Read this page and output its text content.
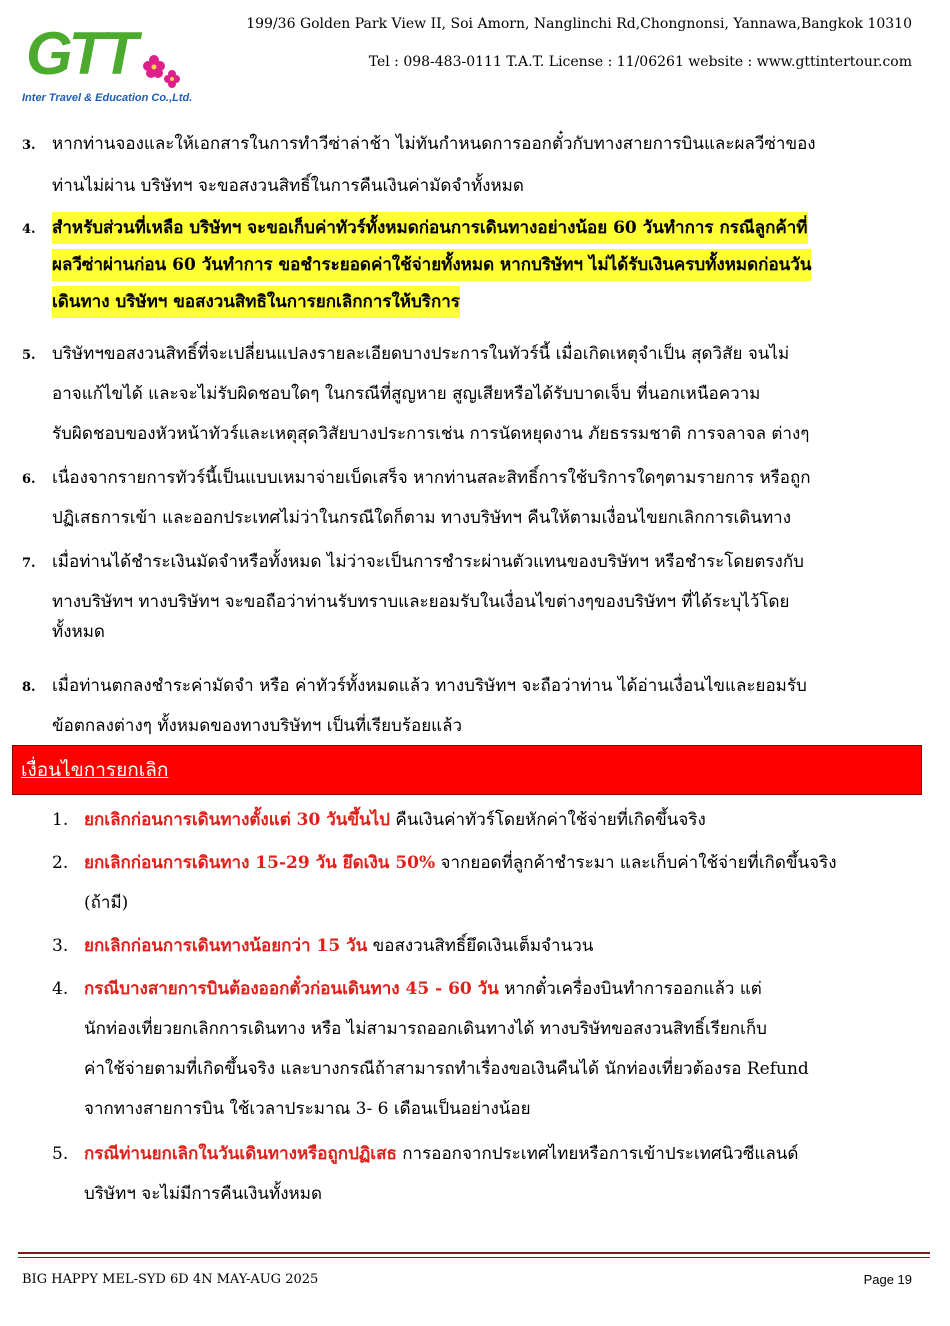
GTT
Inter Travel & Education Co.,Ltd.
199/36 Golden Park View II, Soi Amorn, Nanglinchi Rd,Chongnonsi, Yannawa,Bangkok 10310
Tel : 098-483-0111 T.A.T. License : 11/06261 website : www.gttintertour.com
3. หากท่านจองและให้เอกสารในการทำวีซ่าล่าช้า ไม่ทันกำหนดการออกตั๋วกับทางสายการบินและผลวีซ่าของ
ท่านไม่ผ่าน บริษัทฯ จะขอสงวนสิทธิ์ในการคืนเงินค่ามัดจำทั้งหมด
4. สำหรับส่วนที่เหลือ บริษัทฯ จะขอเก็บค่าทัวร์ทั้งหมดก่อนการเดินทางอย่างน้อย 60 วันทำการ กรณีลูกค้าที่
ผลวีซ่าผ่านก่อน 60 วันทำการ ขอชำระยอดค่าใช้จ่ายทั้งหมด หากบริษัทฯ ไม่ได้รับเงินครบทั้งหมดก่อนวัน
เดินทาง บริษัทฯ ขอสงวนสิทธิในการยกเลิกการให้บริการ
5. บริษัทฯขอสงวนสิทธิ์ที่จะเปลี่ยนแปลงรายละเอียดบางประการในทัวร์นี้ เมื่อเกิดเหตุจำเป็น สุดวิสัย จนไม่
อาจแก้ไขได้ และจะไม่รับผิดชอบใดๆ ในกรณีที่สูญหาย สูญเสียหรือได้รับบาดเจ็บ ที่นอกเหนือความ
รับผิดชอบของหัวหน้าทัวร์และเหตุสุดวิสัยบางประการเช่น การนัดหยุดงาน ภัยธรรมชาติ การจลาจล ต่างๆ
6. เนื่องจากรายการทัวร์นี้เป็นแบบเหมาจ่ายเบ็ดเสร็จ หากท่านสละสิทธิ์การใช้บริการใดๆตามรายการ หรือถูก
ปฏิเสธการเข้า และออกประเทศไม่ว่าในกรณีใดก็ตาม ทางบริษัทฯ คืนให้ตามเงื่อนไขยกเลิกการเดินทาง
7. เมื่อท่านได้ชำระเงินมัดจำหรือทั้งหมด ไม่ว่าจะเป็นการชำระผ่านตัวแทนของบริษัทฯ หรือชำระโดยตรงกับ
ทางบริษัทฯ ทางบริษัทฯ จะขอถือว่าท่านรับทราบและยอมรับในเงื่อนไขต่างๆของบริษัทฯ ที่ได้ระบุไว้โดย
ทั้งหมด
8. เมื่อท่านตกลงชำระค่ามัดจำ หรือ ค่าทัวร์ทั้งหมดแล้ว ทางบริษัทฯ จะถือว่าท่าน ได้อ่านเงื่อนไขและยอมรับ
ข้อตกลงต่างๆ ทั้งหมดของทางบริษัทฯ เป็นที่เรียบร้อยแล้ว
เงื่อนไขการยกเลิก
1. ยกเลิกก่อนการเดินทางตั้งแต่ 30 วันขึ้นไป คืนเงินค่าทัวร์โดยหักค่าใช้จ่ายที่เกิดขึ้นจริง
2. ยกเลิกก่อนการเดินทาง 15-29 วัน ยึดเงิน 50% จากยอดที่ลูกค้าชำระมา และเก็บค่าใช้จ่ายที่เกิดขึ้นจริง
(ถ้ามี)
3. ยกเลิกก่อนการเดินทางน้อยกว่า 15 วัน ขอสงวนสิทธิ์ยึดเงินเต็มจำนวน
4. กรณีบางสายการบินต้องออกตั๋วก่อนเดินทาง 45 - 60 วัน หากตั๋วเครื่องบินทำการออกแล้ว แต่
นักท่องเที่ยวยกเลิกการเดินทาง หรือ ไม่สามารถออกเดินทางได้ ทางบริษัทขอสงวนสิทธิ์เรียกเก็บ
ค่าใช้จ่ายตามที่เกิดขึ้นจริง และบางกรณีถ้าสามารถทำเรื่องขอเงินคืนได้ นักท่องเที่ยวต้องรอ Refund
จากทางสายการบิน ใช้เวลาประมาณ 3- 6 เดือนเป็นอย่างน้อย
5. กรณีท่านยกเลิกในวันเดินทางหรือถูกปฏิเสธ การออกจากประเทศไทยหรือการเข้าประเทศนิวซีแลนด์
บริษัทฯ จะไม่มีการคืนเงินทั้งหมด
BIG HAPPY MEL-SYD 6D 4N MAY-AUG 2025	Page 19
